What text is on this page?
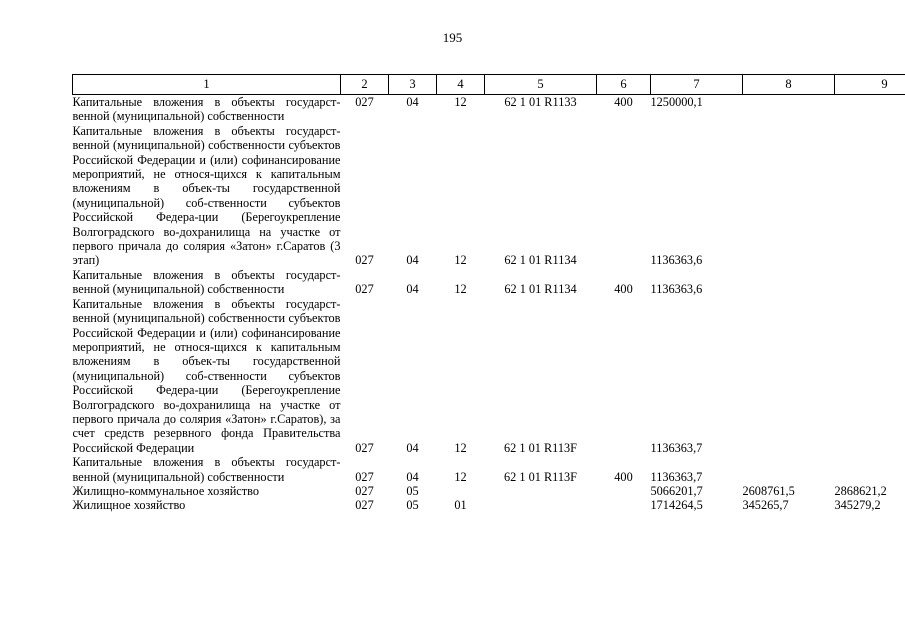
195
1	2	3	4	5	6	7	8	9
Капитальные вложения в объекты государст-венной (муниципальной) собственности	027	04	12	62 1 01 R1133	400	1250000,1		
Капитальные вложения в объекты государст-венной (муниципальной) собственности субъектов Российской Федерации и (или) софинансирование мероприятий, не относя-щихся к капитальным вложениям в объек-ты государственной (муниципальной) соб-ственности субъектов Российской Федера-ции (Берегоукрепление Волгоградского во-дохранилища на участке от первого причала до солярия «Затон» г.Саратов (3 этап)	027	04	12	62 1 01 R1134		1136363,6		
Капитальные вложения в объекты государст-венной (муниципальной) собственности	027	04	12	62 1 01 R1134	400	1136363,6		
Капитальные вложения в объекты государст-венной (муниципальной) собственности субъектов Российской Федерации и (или) софинансирование мероприятий, не относя-щихся к капитальным вложениям в объек-ты государственной (муниципальной) соб-ственности субъектов Российской Федера-ции (Берегоукрепление Волгоградского во-дохранилища на участке от первого причала до солярия «Затон» г.Саратов), за счет средств резервного фонда Правительства Российской Федерации	027	04	12	62 1 01 R113F		1136363,7		
Капитальные вложения в объекты государст-венной (муниципальной) собственности	027	04	12	62 1 01 R113F	400	1136363,7		
Жилищно-коммунальное хозяйство	027	05				5066201,7	2608761,5	2868621,2
Жилищное хозяйство	027	05	01			1714264,5	345265,7	345279,2
